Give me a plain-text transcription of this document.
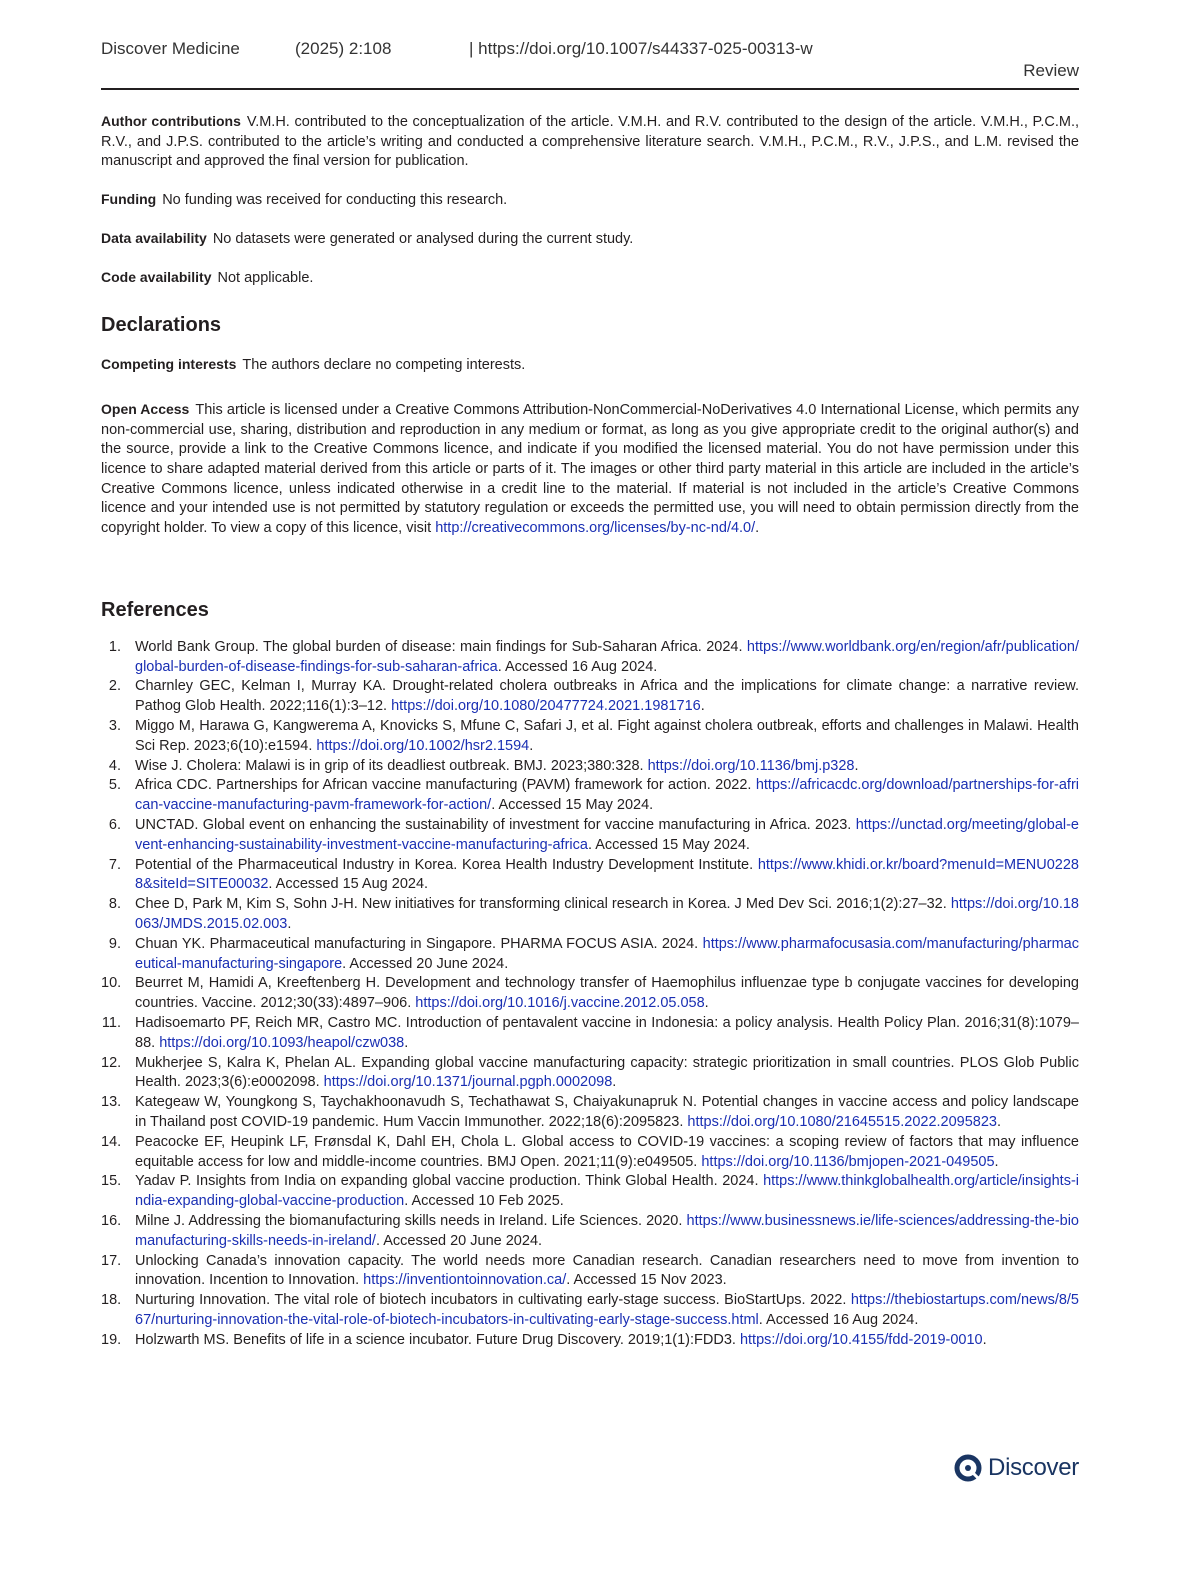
Discover Medicine	(2025) 2:108	| https://doi.org/10.1007/s44337-025-00313-w
Review

Author contributions V.M.H. contributed to the conceptualization of the article. V.M.H. and R.V. contributed to the design of the article. V.M.H., P.C.M., R.V., and J.P.S. contributed to the article’s writing and conducted a comprehensive literature search. V.M.H., P.C.M., R.V., J.P.S., and L.M. revised the manuscript and approved the final version for publication.

Funding No funding was received for conducting this research.

Data availability No datasets were generated or analysed during the current study.

Code availability Not applicable.

Declarations

Competing interests The authors declare no competing interests.

Open Access This article is licensed under a Creative Commons Attribution-NonCommercial-NoDerivatives 4.0 International License, which permits any non-commercial use, sharing, distribution and reproduction in any medium or format, as long as you give appropriate credit to the original author(s) and the source, provide a link to the Creative Commons licence, and indicate if you modified the licensed material. You do not have permission under this licence to share adapted material derived from this article or parts of it. The images or other third party material in this article are included in the article’s Creative Commons licence, unless indicated otherwise in a credit line to the material. If material is not included in the article’s Creative Commons licence and your intended use is not permitted by statutory regulation or exceeds the permitted use, you will need to obtain permission directly from the copyright holder. To view a copy of this licence, visit http://creativecommons.org/licenses/by-nc-nd/4.0/.

References
1. World Bank Group. The global burden of disease: main findings for Sub-Saharan Africa. 2024. https://www.worldbank.org/en/region/afr/publication/global-burden-of-disease-findings-for-sub-saharan-africa. Accessed 16 Aug 2024.
2. Charnley GEC, Kelman I, Murray KA. Drought-related cholera outbreaks in Africa and the implications for climate change: a narrative review. Pathog Glob Health. 2022;116(1):3–12. https://doi.org/10.1080/20477724.2021.1981716.
3. Miggo M, Harawa G, Kangwerema A, Knovicks S, Mfune C, Safari J, et al. Fight against cholera outbreak, efforts and challenges in Malawi. Health Sci Rep. 2023;6(10):e1594. https://doi.org/10.1002/hsr2.1594.
4. Wise J. Cholera: Malawi is in grip of its deadliest outbreak. BMJ. 2023;380:328. https://doi.org/10.1136/bmj.p328.
5. Africa CDC. Partnerships for African vaccine manufacturing (PAVM) framework for action. 2022. https://africacdc.org/download/partnerships-for-african-vaccine-manufacturing-pavm-framework-for-action/. Accessed 15 May 2024.
6. UNCTAD. Global event on enhancing the sustainability of investment for vaccine manufacturing in Africa. 2023. https://unctad.org/meeting/global-event-enhancing-sustainability-investment-vaccine-manufacturing-africa. Accessed 15 May 2024.
7. Potential of the Pharmaceutical Industry in Korea. Korea Health Industry Development Institute. https://www.khidi.or.kr/board?menuId=MENU02288&siteId=SITE00032. Accessed 15 Aug 2024.
8. Chee D, Park M, Kim S, Sohn J-H. New initiatives for transforming clinical research in Korea. J Med Dev Sci. 2016;1(2):27–32. https://doi.org/10.18063/JMDS.2015.02.003.
9. Chuan YK. Pharmaceutical manufacturing in Singapore. PHARMA FOCUS ASIA. 2024. https://www.pharmafocusasia.com/manufacturing/pharmaceutical-manufacturing-singapore. Accessed 20 June 2024.
10. Beurret M, Hamidi A, Kreeftenberg H. Development and technology transfer of Haemophilus influenzae type b conjugate vaccines for developing countries. Vaccine. 2012;30(33):4897–906. https://doi.org/10.1016/j.vaccine.2012.05.058.
11. Hadisoemarto PF, Reich MR, Castro MC. Introduction of pentavalent vaccine in Indonesia: a policy analysis. Health Policy Plan. 2016;31(8):1079–88. https://doi.org/10.1093/heapol/czw038.
12. Mukherjee S, Kalra K, Phelan AL. Expanding global vaccine manufacturing capacity: strategic prioritization in small countries. PLOS Glob Public Health. 2023;3(6):e0002098. https://doi.org/10.1371/journal.pgph.0002098.
13. Kategeaw W, Youngkong S, Taychakhoonavudh S, Techathawat S, Chaiyakunapruk N. Potential changes in vaccine access and policy landscape in Thailand post COVID-19 pandemic. Hum Vaccin Immunother. 2022;18(6):2095823. https://doi.org/10.1080/21645515.2022.2095823.
14. Peacocke EF, Heupink LF, Frønsdal K, Dahl EH, Chola L. Global access to COVID-19 vaccines: a scoping review of factors that may influence equitable access for low and middle-income countries. BMJ Open. 2021;11(9):e049505. https://doi.org/10.1136/bmjopen-2021-049505.
15. Yadav P. Insights from India on expanding global vaccine production. Think Global Health. 2024. https://www.thinkglobalhealth.org/article/insights-india-expanding-global-vaccine-production. Accessed 10 Feb 2025.
16. Milne J. Addressing the biomanufacturing skills needs in Ireland. Life Sciences. 2020. https://www.businessnews.ie/life-sciences/addressing-the-biomanufacturing-skills-needs-in-ireland/. Accessed 20 June 2024.
17. Unlocking Canada’s innovation capacity. The world needs more Canadian research. Canadian researchers need to move from invention to innovation. Incention to Innovation. https://inventiontoinnovation.ca/. Accessed 15 Nov 2023.
18. Nurturing Innovation. The vital role of biotech incubators in cultivating early-stage success. BioStartUps. 2022. https://thebiostartups.com/news/8/567/nurturing-innovation-the-vital-role-of-biotech-incubators-in-cultivating-early-stage-success.html. Accessed 16 Aug 2024.
19. Holzwarth MS. Benefits of life in a science incubator. Future Drug Discovery. 2019;1(1):FDD3. https://doi.org/10.4155/fdd-2019-0010.
Discover
